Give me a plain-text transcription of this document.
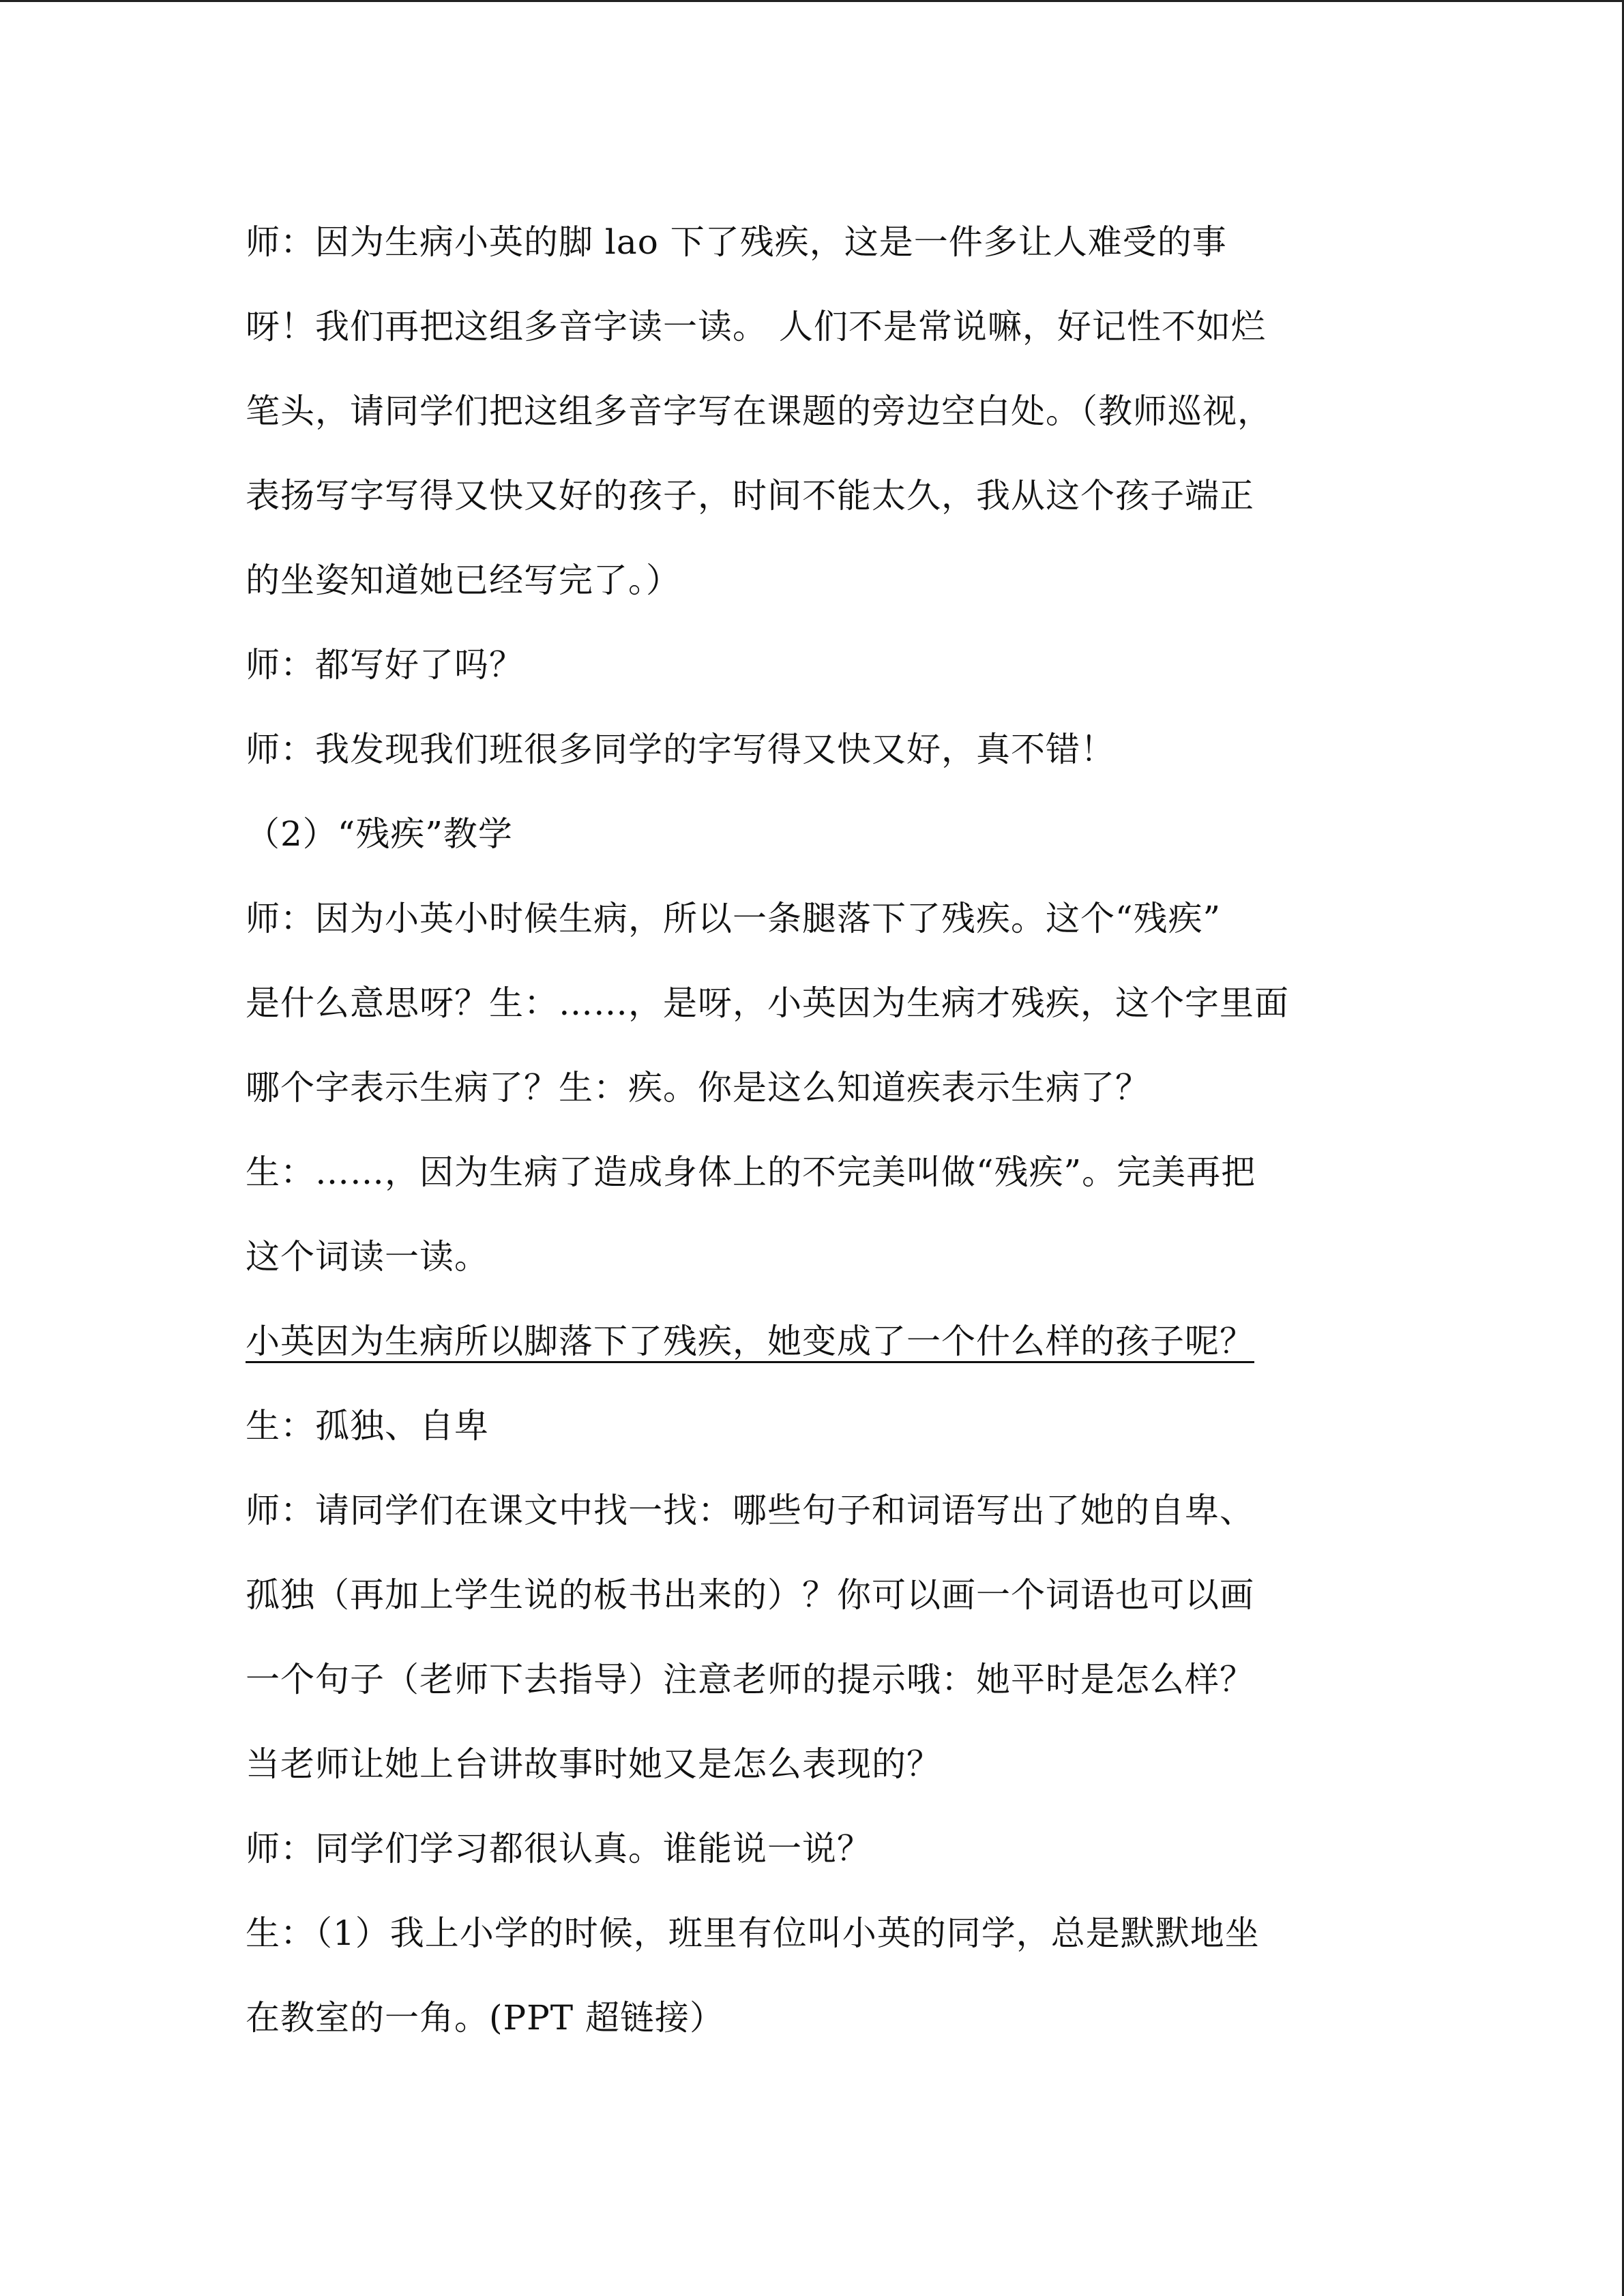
师：因为生病小英的脚 lao 下了残疾，这是一件多让人难受的事
呀！我们再把这组多音字读一读。 人们不是常说嘛，好记性不如烂
笔头，请同学们把这组多音字写在课题的旁边空白处。（教师巡视，
表扬写字写得又快又好的孩子，时间不能太久，我从这个孩子端正
的坐姿知道她已经写完了。）
师：都写好了吗？
师：我发现我们班很多同学的字写得又快又好，真不错！
（2）“残疾”教学
师：因为小英小时候生病，所以一条腿落下了残疾。这个“残疾”
是什么意思呀？生：……，是呀，小英因为生病才残疾，这个字里面
哪个字表示生病了？生：疾。你是这么知道疾表示生病了？
生：……，因为生病了造成身体上的不完美叫做“残疾”。完美再把
这个词读一读。
小英因为生病所以脚落下了残疾，她变成了一个什么样的孩子呢？
生：孤独、自卑
师：请同学们在课文中找一找：哪些句子和词语写出了她的自卑、
孤独（再加上学生说的板书出来的）？你可以画一个词语也可以画
一个句子（老师下去指导）注意老师的提示哦：她平时是怎么样？
当老师让她上台讲故事时她又是怎么表现的？
师：同学们学习都很认真。谁能说一说？
生：（1）我上小学的时候，班里有位叫小英的同学，总是默默地坐
在教室的一角。(PPT 超链接）
